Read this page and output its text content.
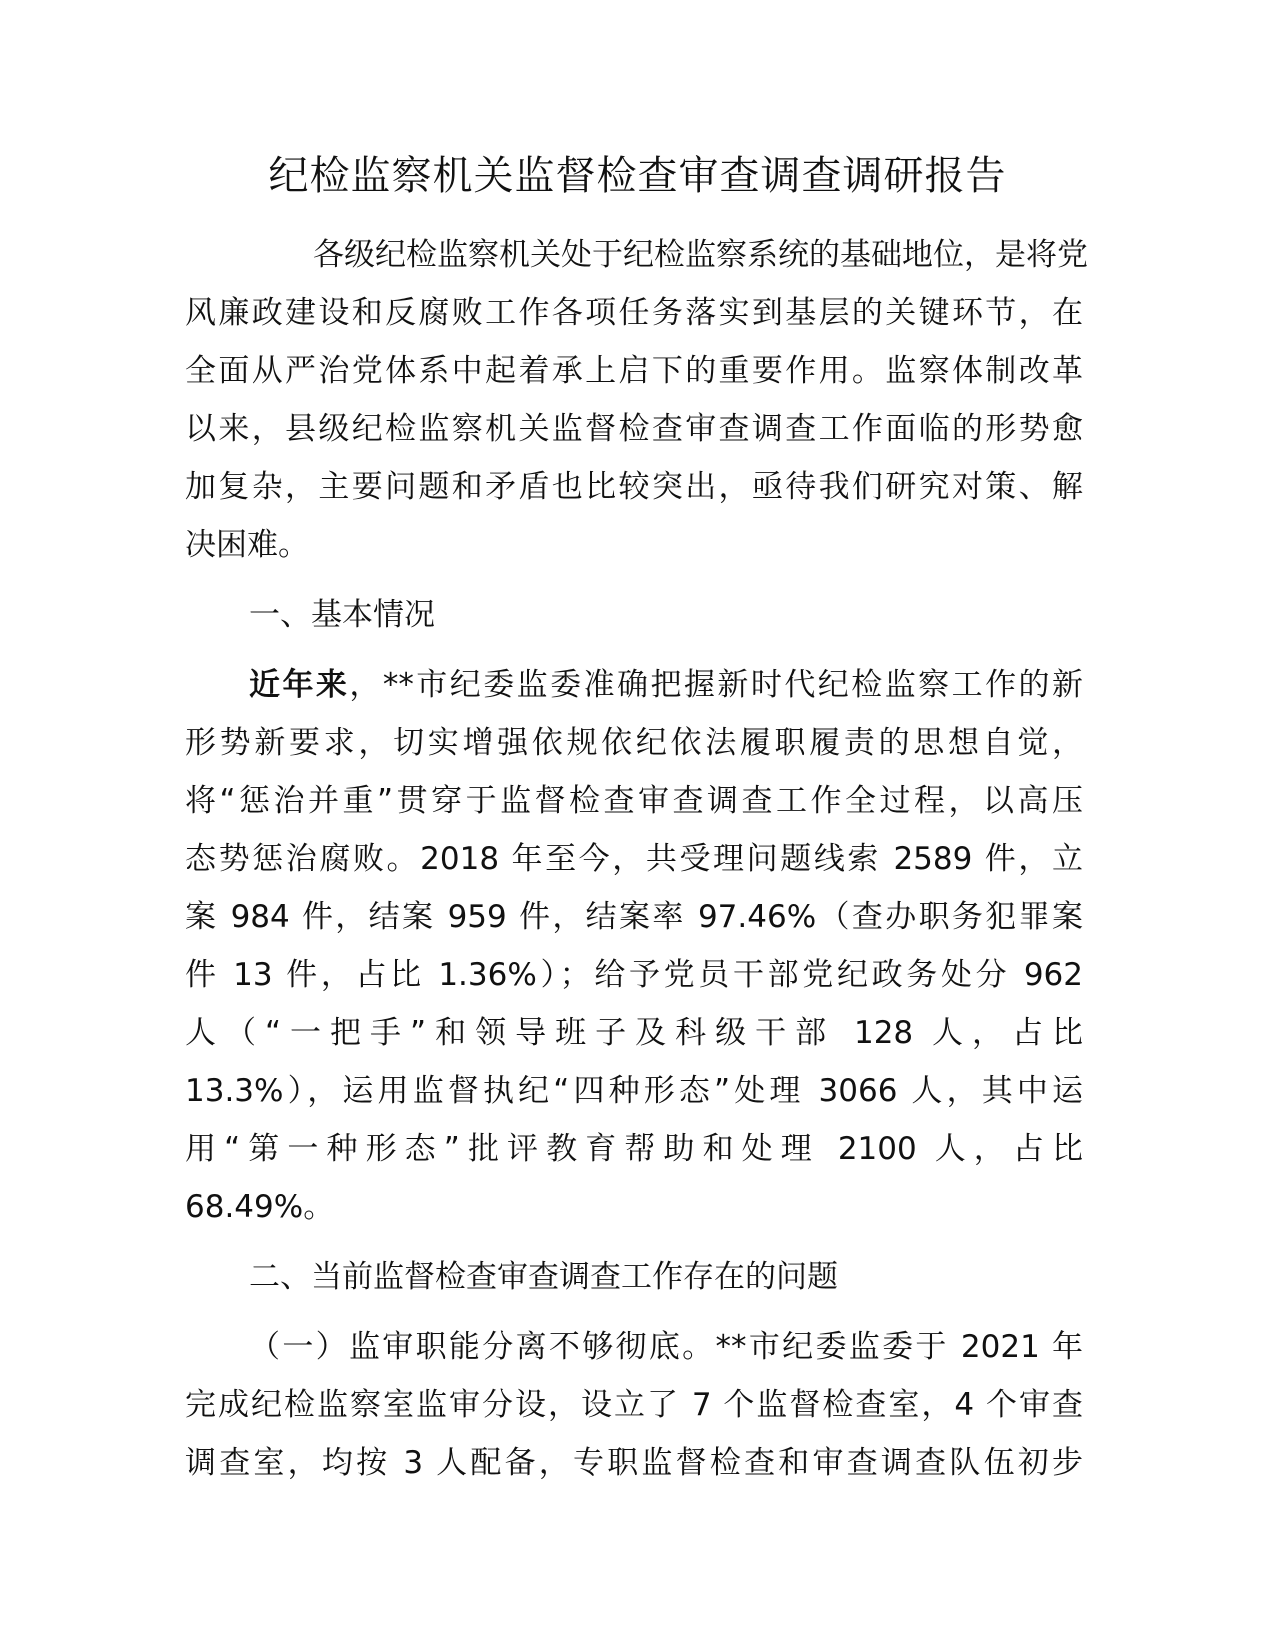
纪检监察机关监督检查审查调查调研报告

各级纪检监察机关处于纪检监察系统的基础地位，是将党

风廉政建设和反腐败工作各项任务落实到基层的关键环节，在
全面从严治党体系中起着承上启下的重要作用。监察体制改革
以来，县级纪检监察机关监督检查审查调查工作面临的形势愈
加复杂，主要问题和矛盾也比较突出，亟待我们研究对策、解
决困难。

一、基本情况

近年来，**市纪委监委准确把握新时代纪检监察工作的新

形势新要求，切实增强依规依纪依法履职履责的思想自觉，
将“惩治并重”贯穿于监督检查审查调查工作全过程，以高压
态势惩治腐败。2018 年至今，共受理问题线索 2589 件，立
案 984 件，结案 959 件，结案率 97.46%（查办职务犯罪案
件 13 件，占比 1.36%）；给予党员干部党纪政务处分 962
人（“一把手”和领导班子及科级干部 128 人，占比
13.3%），运用监督执纪“四种形态”处理 3066 人，其中运
用“第一种形态”批评教育帮助和处理 2100 人，占比
68.49%。

二、当前监督检查审查调查工作存在的问题

（一）监审职能分离不够彻底。**市纪委监委于 2021 年

完成纪检监察室监审分设，设立了 7 个监督检查室，4 个审查
调查室，均按 3 人配备，专职监督检查和审查调查队伍初步
